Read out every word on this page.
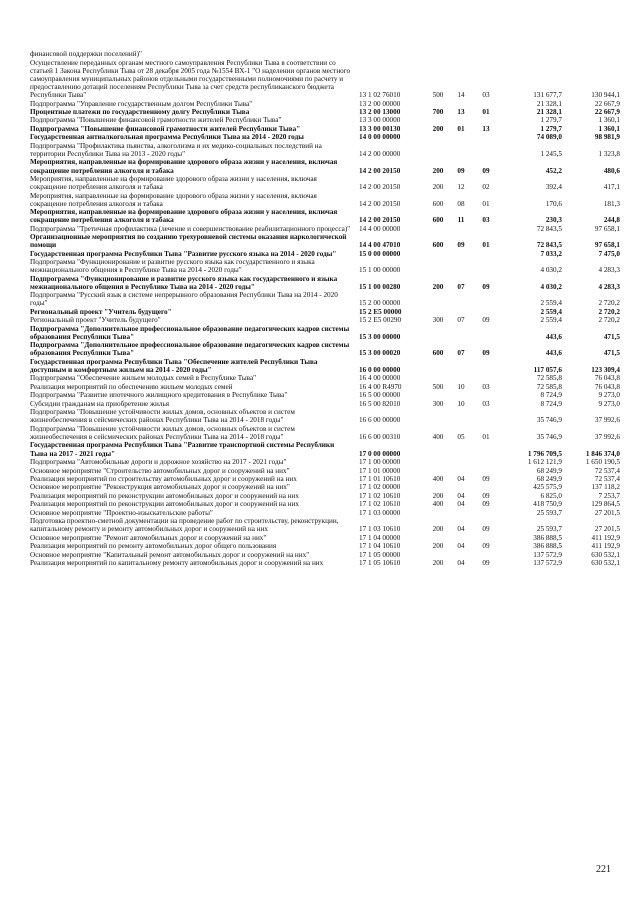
финансовой поддержки поселений)"
Осуществление переданных органам местного самоуправления Республики Тыва в соответствии со статьей 1 Закона Республики Тыва от 28 декабря 2005 года №1554 ВХ-1 "О наделении органов местного самоуправления муниципальных районов отдельными государственными полномочиями по расчету и предоставлению дотаций поселениям Республики Тыва за счет средств республиканского бюджета Республики Тыва"	13 1 02 76010	500	14	03	131 677,7	130 944,1
Подпрограмма "Управление государственным долгом Республики Тыва"	13 2 00 00000	21 328,1	22 667,9
Процентные платежи по государственному долгу Республики Тыва	13 2 00 13000	700	13	01	21 328,1	22 667,9
Подпрограмма "Повышение финансовой грамотности жителей Республики Тыва"	13 3 00 00000	1 279,7	1 360,1
Подпрограмма "Повышение финансовой грамотности жителей Республики Тыва"	13 3 00 00130	200	01	13	1 279,7	1 360,1
Государственная антиалкогольная программа Республики Тыва на 2014 - 2020 годы	14 0 00 00000	74 089,0	98 981,9
Подпрограмма "Профилактика пьянства, алкоголизма и их медико-социальных последствий на территории Республики Тыва на 2013 - 2020 годы"	14 2 00 00000	1 245,5	1 323,8
Мероприятия, направленные на формирование здорового образа жизни у населения, включая сокращение потребления алкоголя и табака	14 2 00 20150	200	09	09	452,2	480,6
Мероприятия, направленные на формирование здорового образа жизни у населения, включая сокращение потребления алкоголя и табака	14 2 00 20150	200	12	02	392,4	417,1
Мероприятия, направленные на формирование здорового образа жизни у населения, включая сокращение потребления алкоголя и табака	14 2 00 20150	600	08	01	170,6	181,3
Мероприятия, направленные на формирование здорового образа жизни у населения, включая сокращение потребления алкоголя и табака	14 2 00 20150	600	11	03	230,3	244,8
Подпрограмма "Третичная профилактика (лечение и совершенствование реабилитационного процесса)" 14 4 00 00000	72 843,5	97 658,1
Организационные мероприятия по созданию трехуровневой системы оказания наркологической помощи	14 4 00 47010	600	09	01	72 843,5	97 658,1
Государственная программа Республики Тыва "Развитие русского языка на 2014 - 2020 годы"	15 0 00 00000	7 033,2	7 475,0
Подпрограмма "Функционирование и развитие русского языка как государственного и языка межнационального общения в Республике Тыва на 2014 - 2020 годы"	15 1 00 00000	4 030,2	4 283,3
Подпрограмма "Функционирование и развитие русского языка как государственного и языка межнационального общения в Республике Тыва на 2014 - 2020 годы"	15 1 00 00280	200	07	09	4 030,2	4 283,3
Подпрограмма "Русский язык в системе непрерывного образования Республики Тыва на 2014 - 2020 годы"	15 2 00 00000	2 559,4	2 720,2
Региональный проект "Учитель будущего"	15 2 Е5 00000	2 559,4	2 720,2
Региональный проект "Учитель будущего"	15 2 Е5 00290	300	07	09	2 559,4	2 720,2
Подпрограмма "Дополнительное профессиональное образование педагогических кадров системы образования Республики Тыва"	15 3 00 00000	443,6	471,5
Подпрограмма "Дополнительное профессиональное образование педагогических кадров системы образования Республики Тыва"	15 3 00 00020	600	07	09	443,6	471,5
Государственная программа Республики Тыва "Обеспечение жителей Республики Тыва доступным и комфортным жильем на 2014 - 2020 годы"	16 0 00 00000	117 057,6	123 309,4
Подпрограмма "Обеспечение жильем молодых семей в Республике Тыва"	16 4 00 00000	72 585,8	76 043,8
Реализация мероприятий по обеспечению жильем молодых семей	16 4 00 R4970	500	10	03	72 585,8	76 043,8
Подпрограмма "Развитие ипотечного жилищного кредитования в Республике Тыва"	16 5 00 00000	8 724,9	9 273,0
Субсидии гражданам на приобретение жилья	16 5 00 82010	300	10	03	8 724,9	9 273,0
Подпрограмма "Повышение устойчивости жилых домов, основных объектов и систем жизнеобеспечения в сейсмических районах Республики Тыва на 2014 - 2018 годы"	16 6 00 00000	35 746,9	37 992,6
Подпрограмма "Повышение устойчивости жилых домов, основных объектов и систем жизнеобеспечения в сейсмических районах Республики Тыва на 2014 - 2018 годы"	16 6 00 00310	400	05	01	35 746,9	37 992,6
Государственная программа Республики Тыва "Развитие транспортной системы Республики Тыва на 2017 - 2021 годы"	17 0 00 00000	1 796 709,5	1 846 374,0
Подпрограмма "Автомобильные дороги и дорожное хозяйство на 2017 - 2021 годы"	17 1 00 00000	1 612 121,9	1 650 190,5
Основное мероприятие "Строительство автомобильных дорог и сооружений на них"	17 1 01 00000	68 249,9	72 537,4
Реализация мероприятий по строительству автомобильных дорог и сооружений на них	17 1 01 10610	400	04	09	68 249,9	72 537,4
Основное мероприятие "Реконструкция автомобильных дорог и сооружений на них"	17 1 02 00000	425 575,9	137 118,2
Реализация мероприятий по реконструкции автомобильных дорог и сооружений на них	17 1 02 10610	200	04	09	6 825,0	7 253,7
Реализация мероприятий по реконструкции автомобильных дорог и сооружений на них	17 1 02 10610	400	04	09	418 750,9	129 864,5
Основное мероприятие "Проектно-изыскательские работы"	17 1 03 00000	25 593,7	27 201,5
Подготовка проектно-сметной документации на проведение работ по строительству, реконструкции, капитальному ремонту и ремонту автомобильных дорог и сооружений на них	17 1 03 10610	200	04	09	25 593,7	27 201,5
Основное мероприятие "Ремонт автомобильных дорог и сооружений на них"	17 1 04 00000	386 888,5	411 192,9
Реализация мероприятий по ремонту автомобильных дорог общего пользования	17 1 04 10610	200	04	09	386 888,5	411 192,9
Основное мероприятие "Капитальный ремонт автомобильных дорог и сооружений на них"	17 1 05 00000	137 572,9	630 532,1
Реализация мероприятий по капитальному ремонту автомобильных дорог и сооружений на них	17 1 05 10610	200	04	09	137 572,9	630 532,1
221
